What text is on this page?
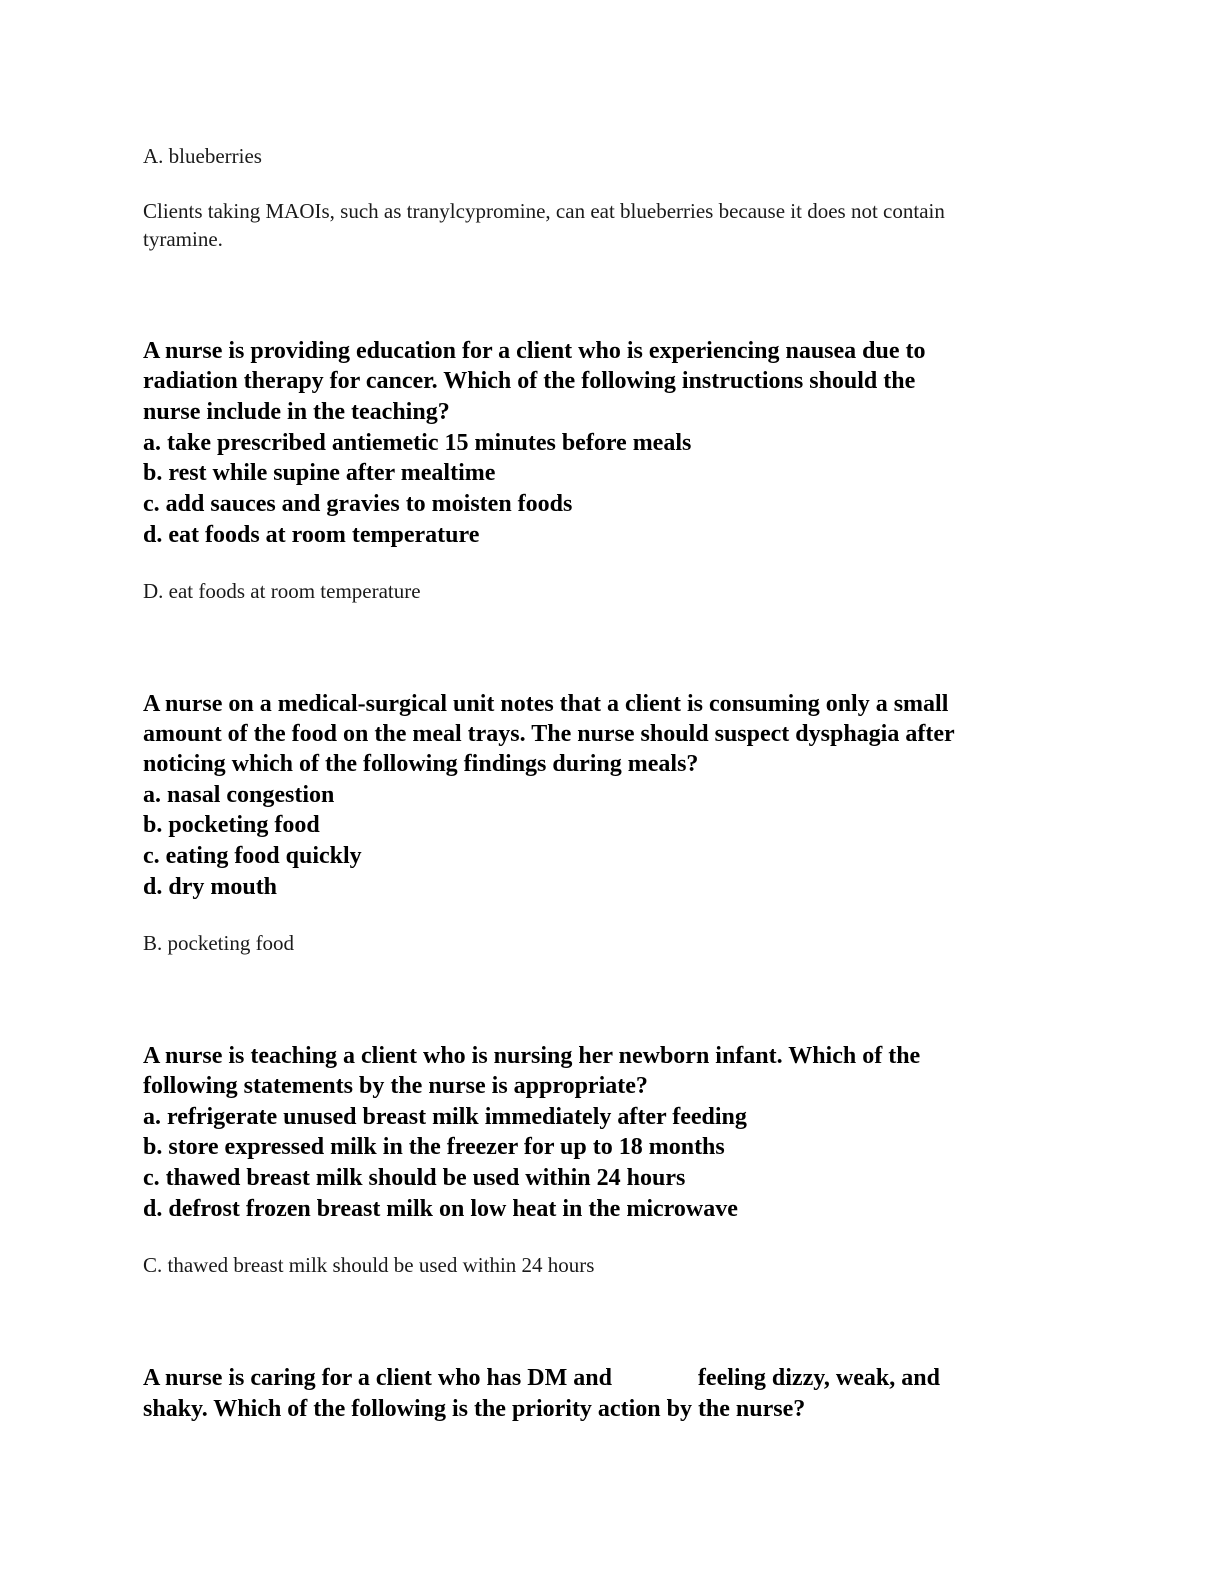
A. blueberries
Clients taking MAOIs, such as tranylcypromine, can eat blueberries because it does not contain
tyramine.
A nurse is providing education for a client who is experiencing nausea due to
radiation therapy for cancer. Which of the following instructions should the
nurse include in the teaching?
a. take prescribed antiemetic 15 minutes before meals
b. rest while supine after mealtime
c. add sauces and gravies to moisten foods
d. eat foods at room temperature
D. eat foods at room temperature
A nurse on a medical-surgical unit notes that a client is consuming only a small
amount of the food on the meal trays. The nurse should suspect dysphagia after
noticing which of the following findings during meals?
a. nasal congestion
b. pocketing food
c. eating food quickly
d. dry mouth
B. pocketing food
A nurse is teaching a client who is nursing her newborn infant. Which of the
following statements by the nurse is appropriate?
a. refrigerate unused breast milk immediately after feeding
b. store expressed milk in the freezer for up to 18 months
c. thawed breast milk should be used within 24 hours
d. defrost frozen breast milk on low heat in the microwave
C. thawed breast milk should be used within 24 hours
A nurse is caring for a client who has DM and	feeling dizzy, weak, and
shaky. Which of the following is the priority action by the nurse?
